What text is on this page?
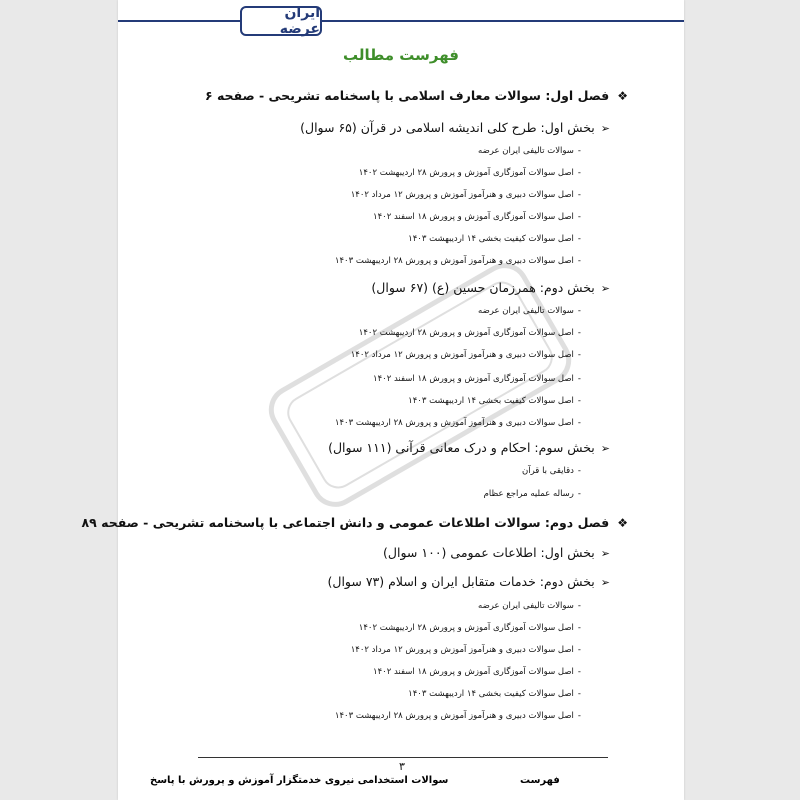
ایران عرضه
فهرست مطالب
❖فصل اول: سوالات معارف اسلامی با پاسخنامه تشریحی - صفحه ۶
➢بخش اول: طرح کلی اندیشه اسلامی در قرآن (۶۵ سوال)
-سوالات تالیفی ایران عرضه
-اصل سوالات آموزگاری آموزش و پرورش ۲۸ اردیبهشت ۱۴۰۲
-اصل سوالات دبیری و هنرآموز آموزش و پرورش ۱۲ مرداد ۱۴۰۲
-اصل سوالات آموزگاری آموزش و پرورش ۱۸ اسفند ۱۴۰۲
-اصل سوالات کیفیت بخشی ۱۴ اردیبهشت ۱۴۰۳
-اصل سوالات دبیری و هنرآموز آموزش و پرورش ۲۸ اردیبهشت ۱۴۰۳
➢بخش دوم: همرزمان حسین (ع) (۶۷ سوال)
-سوالات تالیفی ایران عرضه
-اصل سوالات آموزگاری آموزش و پرورش ۲۸ اردیبهشت ۱۴۰۲
-اصل سوالات دبیری و هنرآموز آموزش و پرورش ۱۲ مرداد ۱۴۰۲
-اصل سوالات آموزگاری آموزش و پرورش ۱۸ اسفند ۱۴۰۲
-اصل سوالات کیفیت بخشی ۱۴ اردیبهشت ۱۴۰۳
-اصل سوالات دبیری و هنرآموز آموزش و پرورش ۲۸ اردیبهشت ۱۴۰۳
➢بخش سوم: احکام و درک معانی قرآنی (۱۱۱ سوال)
-دقایقی با قرآن
-رساله عملیه مراجع عظام
❖فصل دوم: سوالات اطلاعات عمومی و دانش اجتماعی با پاسخنامه تشریحی - صفحه ۸۹
➢بخش اول: اطلاعات عمومی (۱۰۰ سوال)
➢بخش دوم: خدمات متقابل ایران و اسلام (۷۳ سوال)
-سوالات تالیفی ایران عرضه
-اصل سوالات آموزگاری آموزش و پرورش ۲۸ اردیبهشت ۱۴۰۲
-اصل سوالات دبیری و هنرآموز آموزش و پرورش ۱۲ مرداد ۱۴۰۲
-اصل سوالات آموزگاری آموزش و پرورش ۱۸ اسفند ۱۴۰۲
-اصل سوالات کیفیت بخشی ۱۴ اردیبهشت ۱۴۰۳
-اصل سوالات دبیری و هنرآموز آموزش و پرورش ۲۸ اردیبهشت ۱۴۰۳
۳
سوالات استخدامی نیروی خدمتگزار آموزش و پرورش با پاسخ	فهرست
